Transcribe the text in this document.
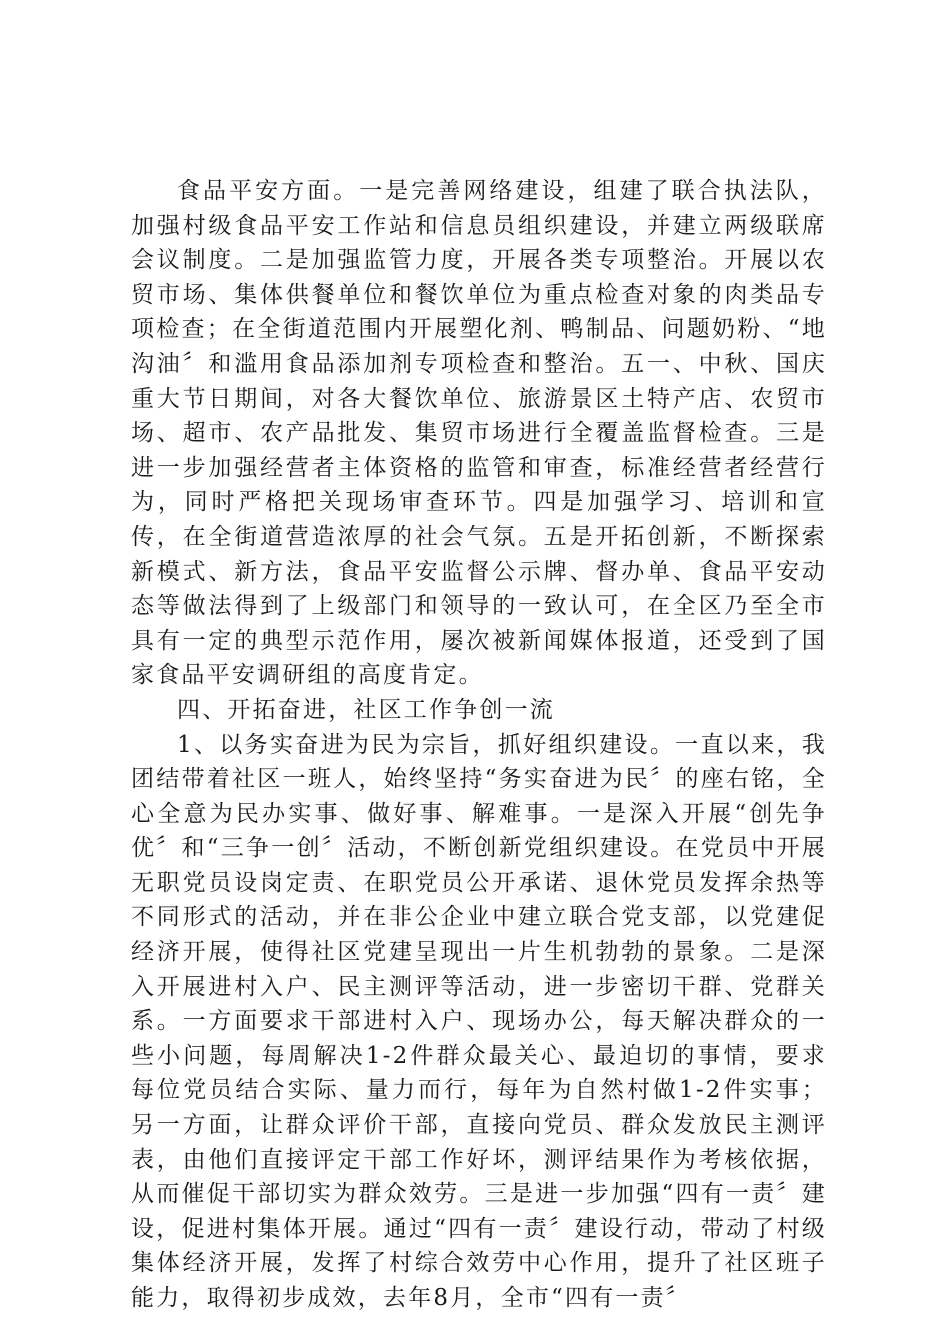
食品平安方面。一是完善网络建设，组建了联合执法队，加强村级食品平安工作站和信息员组织建设，并建立两级联席会议制度。二是加强监管力度，开展各类专项整治。开展以农贸市场、集体供餐单位和餐饮单位为重点检查对象的肉类品专项检查；在全街道范围内开展塑化剂、鸭制品、问题奶粉、“地沟油〞和滥用食品添加剂专项检查和整治。五一、中秋、国庆重大节日期间，对各大餐饮单位、旅游景区土特产店、农贸市场、超市、农产品批发、集贸市场进行全覆盖监督检查。三是进一步加强经营者主体资格的监管和审查，标准经营者经营行为，同时严格把关现场审查环节。四是加强学习、培训和宣传，在全街道营造浓厚的社会气氛。五是开拓创新，不断探索新模式、新方法，食品平安监督公示牌、督办单、食品平安动态等做法得到了上级部门和领导的一致认可，在全区乃至全市具有一定的典型示范作用，屡次被新闻媒体报道，还受到了国家食品平安调研组的高度肯定。

四、开拓奋进，社区工作争创一流

1、以务实奋进为民为宗旨，抓好组织建设。一直以来，我团结带着社区一班人，始终坚持“务实奋进为民〞的座右铭，全心全意为民办实事、做好事、解难事。一是深入开展“创先争优〞和“三争一创〞活动，不断创新党组织建设。在党员中开展无职党员设岗定责、在职党员公开承诺、退休党员发挥余热等不同形式的活动，并在非公企业中建立联合党支部，以党建促经济开展，使得社区党建呈现出一片生机勃勃的景象。二是深入开展进村入户、民主测评等活动，进一步密切干群、党群关系。一方面要求干部进村入户、现场办公，每天解决群众的一些小问题，每周解决1-2件群众最关心、最迫切的事情，要求每位党员结合实际、量力而行，每年为自然村做1-2件实事；另一方面，让群众评价干部，直接向党员、群众发放民主测评表，由他们直接评定干部工作好坏，测评结果作为考核依据，从而催促干部切实为群众效劳。三是进一步加强“四有一责〞建设，促进村集体开展。通过“四有一责〞建设行动，带动了村级集体经济开展，发挥了村综合效劳中心作用，提升了社区班子能力，取得初步成效，去年8月，全市“四有一责〞
